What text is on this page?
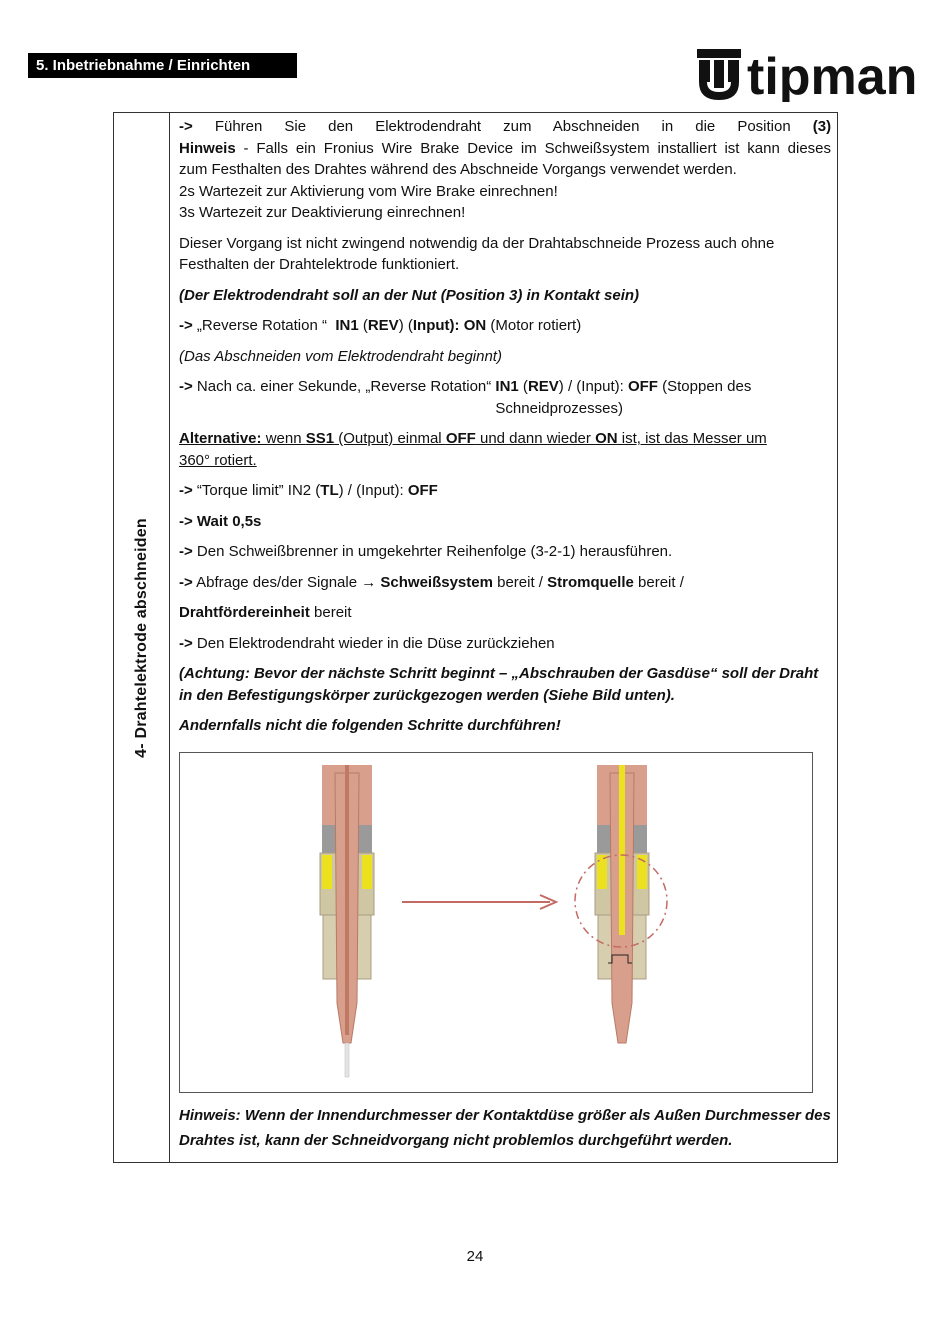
5. Inbetriebnahme / Einrichten	tipman
4- Drahtelektrode abschneiden

-> Führen Sie den Elektrodendraht zum Abschneiden in die Position (3)

Hinweis - Falls ein Fronius Wire Brake Device im Schweißsystem installiert ist kann dieses

zum Festhalten des Drahtes während des Abschneide Vorgangs verwendet werden.

2s Wartezeit zur Aktivierung vom Wire Brake einrechnen!

3s Wartezeit zur Deaktivierung einrechnen!

Dieser Vorgang ist nicht zwingend notwendig da der Drahtabschneide Prozess auch ohne Festhalten der Drahtelektrode funktioniert.

(Der Elektrodendraht soll an der Nut (Position 3) in Kontakt sein)

-> „Reverse Rotation “  IN1 (REV) (Input): ON (Motor rotiert)

(Das Abschneiden vom Elektrodendraht beginnt)

-> Nach ca. einer Sekunde, „Reverse Rotation“ IN1 (REV) / (Input): OFF (Stoppen des
Schneidprozesses)

Alternative: wenn SS1 (Output) einmal OFF und dann wieder ON ist, ist das Messer um
360° rotiert.

-> “Torque limit” IN2 (TL) / (Input): OFF

-> Wait 0,5s

-> Den Schweißbrenner in umgekehrter Reihenfolge (3-2-1) herausführen.

-> Abfrage des/der Signale → Schweißsystem bereit / Stromquelle bereit /

Drahtfördereinheit bereit

-> Den Elektrodendraht wieder in die Düse zurückziehen

(Achtung: Bevor der nächste Schritt beginnt – „Abschrauben der Gasdüse“ soll der Draht in den Befestigungskörper zurückgezogen werden (Siehe Bild unten).

Andernfalls nicht die folgenden Schritte durchführen!

Hinweis: Wenn der Innendurchmesser der Kontaktdüse größer als Außen Durchmesser des Drahtes ist, kann der Schneidvorgang nicht problemlos durchgeführt werden.
24
